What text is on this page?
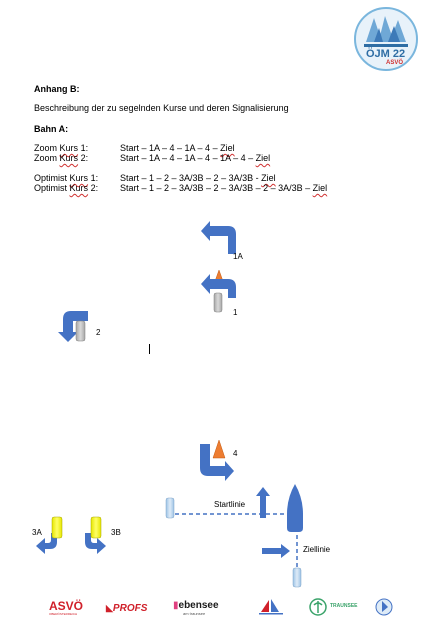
ÖJM 22
ASVÖ
Anhang B:
Beschreibung der zu segelnden Kurse und deren Signalisierung
Bahn A:
Zoom Kurs 1:	Start – 1A – 4 – 1A – 4 – Ziel
Zoom Kurs 2:	Start – 1A – 4 – 1A – 4 – 1A – 4 – Ziel
Optimist Kurs 1: Start – 1 – 2 – 3A/3B – 2 – 3A/3B - Ziel
Optimist Kurs 2: Start – 1 – 2 – 3A/3B – 2 – 3A/3B – 2 – 3A/3B – Ziel
1A
1
2
4
3A	3B
Startlinie
Ziellinie
ASVÖ
OBERÖSTERREICH
◣PROFS	▮ebensee
am traunsee
TRAUNSEE
